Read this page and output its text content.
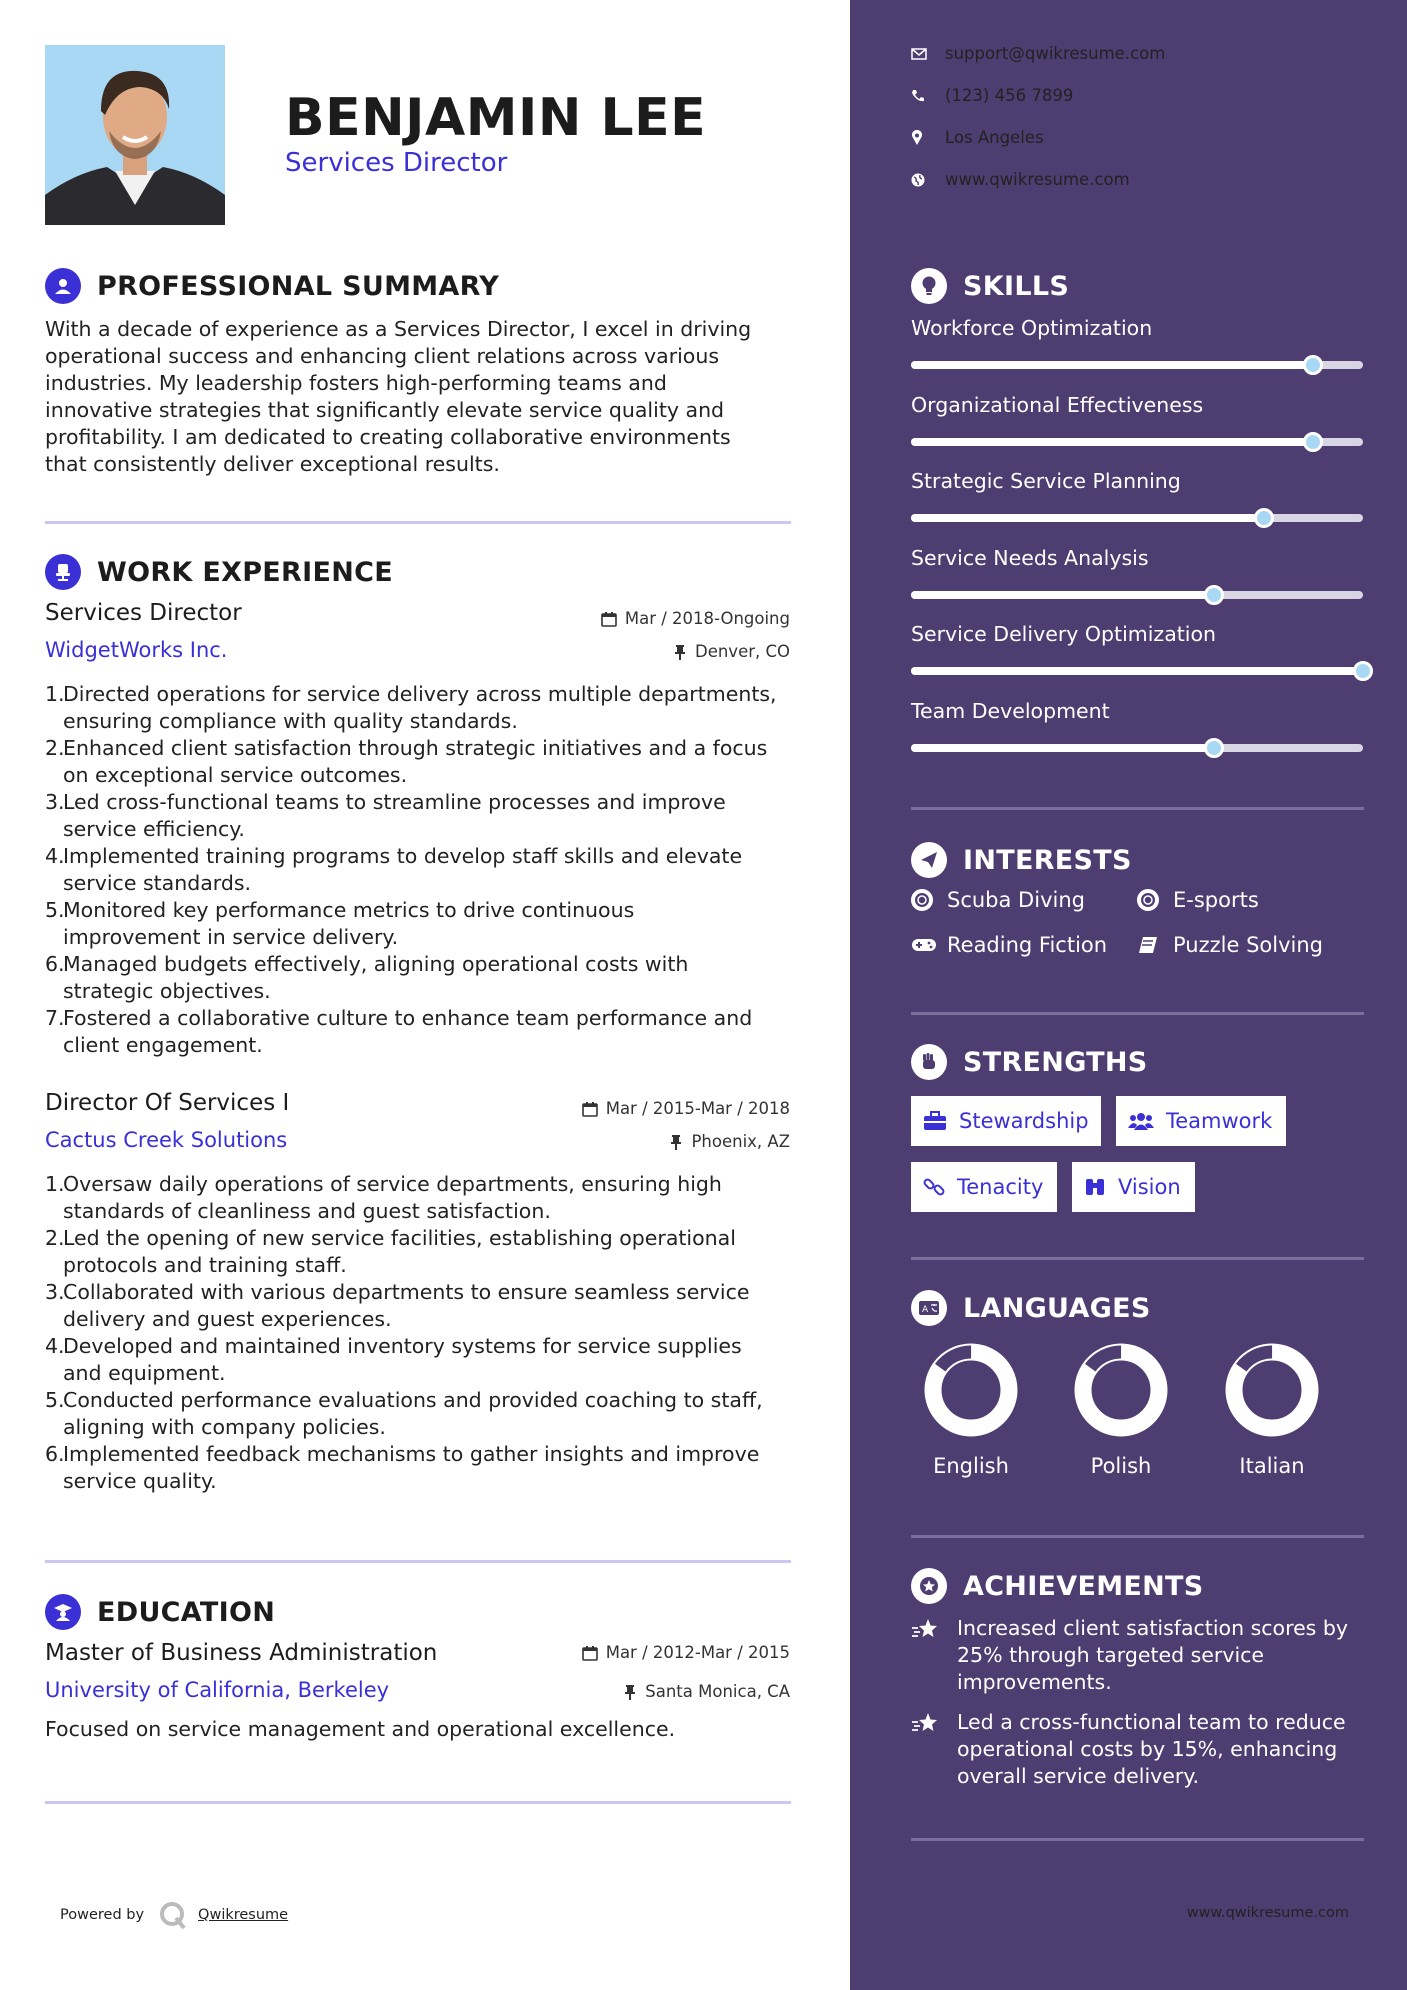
BENJAMIN LEE
Services Director
PROFESSIONAL SUMMARY
With a decade of experience as a Services Director, I excel in driving
operational success and enhancing client relations across various
industries. My leadership fosters high-performing teams and
innovative strategies that significantly elevate service quality and
profitability. I am dedicated to creating collaborative environments
that consistently deliver exceptional results.
WORK EXPERIENCE
Services Director	Mar / 2018-Ongoing
WidgetWorks Inc.	Denver, CO
1.
Directed operations for service delivery across multiple departments,
ensuring compliance with quality standards.
2.
Enhanced client satisfaction through strategic initiatives and a focus
on exceptional service outcomes.
3.
Led cross-functional teams to streamline processes and improve
service efficiency.
4.
Implemented training programs to develop staff skills and elevate
service standards.
5.
Monitored key performance metrics to drive continuous
improvement in service delivery.
6.
Managed budgets effectively, aligning operational costs with
strategic objectives.
7.
Fostered a collaborative culture to enhance team performance and
client engagement.
Director Of Services I	Mar / 2015-Mar / 2018
Cactus Creek Solutions	Phoenix, AZ
1.
Oversaw daily operations of service departments, ensuring high
standards of cleanliness and guest satisfaction.
2.
Led the opening of new service facilities, establishing operational
protocols and training staff.
3.
Collaborated with various departments to ensure seamless service
delivery and guest experiences.
4.
Developed and maintained inventory systems for service supplies
and equipment.
5.
Conducted performance evaluations and provided coaching to staff,
aligning with company policies.
6.
Implemented feedback mechanisms to gather insights and improve
service quality.
EDUCATION
Master of Business Administration	Mar / 2012-Mar / 2015
University of California, Berkeley	Santa Monica, CA
Focused on service management and operational excellence.
Powered by	Qwikresume
support@qwikresume.com
(123) 456 7899
Los Angeles
www.qwikresume.com
SKILLS
Workforce Optimization
Organizational Effectiveness
Strategic Service Planning
Service Needs Analysis
Service Delivery Optimization
Team Development
INTERESTS
Scuba Diving	E-sports
Reading Fiction	Puzzle Solving
STRENGTHS
Stewardship	Teamwork
Tenacity	Vision
A LANGUAGES
English	Polish	Italian
ACHIEVEMENTS
Increased client satisfaction scores by
25% through targeted service
improvements.
Led a cross-functional team to reduce
operational costs by 15%, enhancing
overall service delivery.
www.qwikresume.com
